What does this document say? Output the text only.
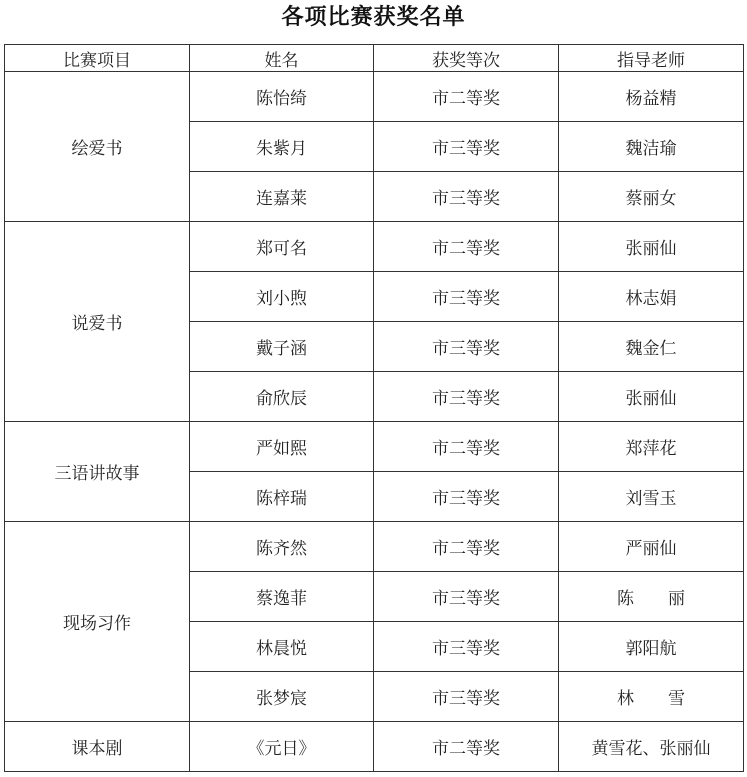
各项比赛获奖名单
比赛项目	姓名	获奖等次	指导老师
绘爱书	陈怡绮	市二等奖	杨益精
	朱紫月	市三等奖	魏洁瑜
	连嘉莱	市三等奖	蔡丽女
说爱书	郑可名	市二等奖	张丽仙
	刘小煦	市三等奖	林志娟
	戴子涵	市三等奖	魏金仁
	俞欣辰	市三等奖	张丽仙
三语讲故事	严如熙	市二等奖	郑萍花
	陈梓瑞	市三等奖	刘雪玉
现场习作	陈齐然	市二等奖	严丽仙
	蔡逸菲	市三等奖	陈　　丽
	林晨悦	市三等奖	郭阳航
	张梦宸	市三等奖	林　　雪
课本剧	《元日》	市二等奖	黄雪花、张丽仙
